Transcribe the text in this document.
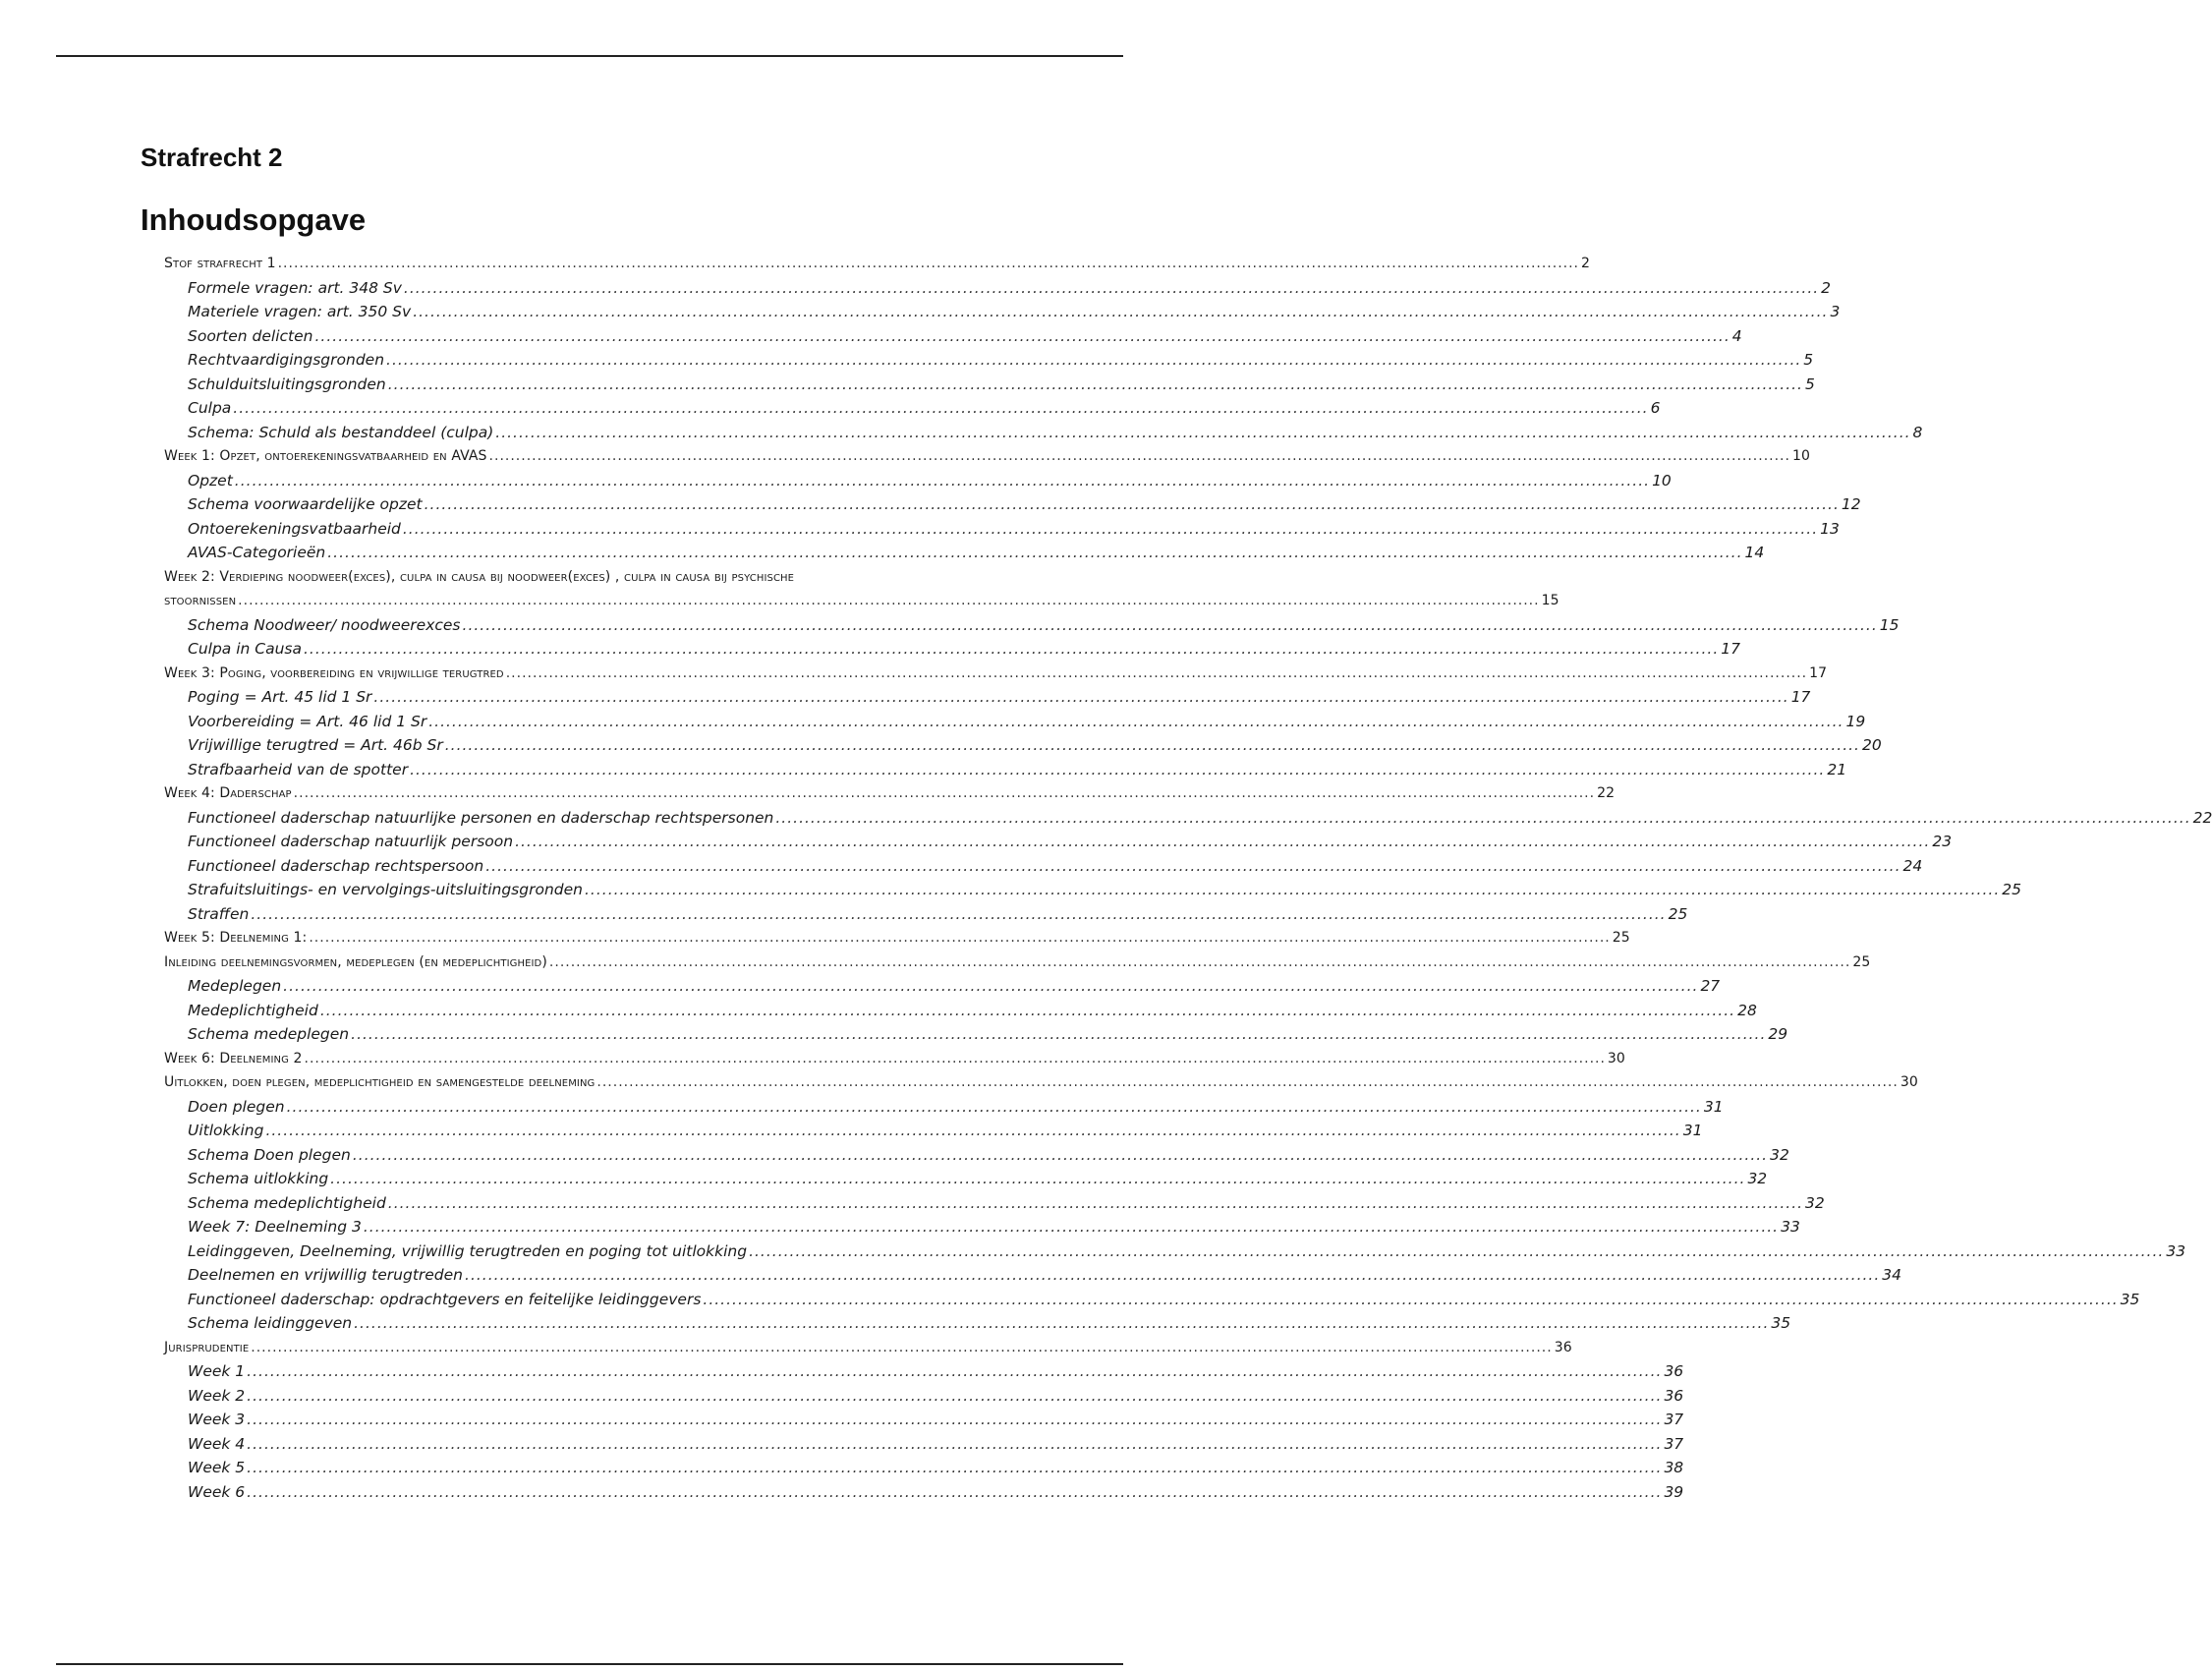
Strafrecht 2
Inhoudsopgave
Stof strafrecht 1 .....	2
Formele vragen: art. 348 Sv .....	2
Materiele vragen: art. 350 Sv .....	3
Soorten delicten .....	4
Rechtvaardigingsgronden .....	5
Schulduitsluitingsgronden .....	5
Culpa .....	6
Schema: Schuld als bestanddeel (culpa) .....	8
Week 1: Opzet, ontoerekeningsvatbaarheid en AVAS .....	10
Opzet .....	10
Schema voorwaardelijke opzet .....	12
Ontoerekeningsvatbaarheid .....	13
AVAS-Categorieën .....	14
Week 2: Verdieping noodweer(exces), culpa in causa bij noodweer(exces) , culpa in causa bij psychische
stoornissen .....	15
Schema Noodweer/ noodweerexces .....	15
Culpa in Causa .....	17
Week 3: Poging, voorbereiding en vrijwillige terugtred .....	17
Poging = Art. 45 lid 1 Sr .....	17
Voorbereiding = Art. 46 lid 1 Sr .....	19
Vrijwillige terugtred = Art. 46b Sr .....	20
Strafbaarheid van de spotter .....	21
Week 4: Daderschap .....	22
Functioneel daderschap natuurlijke personen en daderschap rechtspersonen .....	22
Functioneel daderschap natuurlijk persoon .....	23
Functioneel daderschap rechtspersoon .....	24
Strafuitsluitings- en vervolgings-uitsluitingsgronden .....	25
Straffen .....	25
Week 5: Deelneming 1: .....	25
Inleiding deelnemingsvormen, medeplegen (en medeplichtigheid) .....	25
Medeplegen .....	27
Medeplichtigheid .....	28
Schema medeplegen .....	29
Week 6: Deelneming 2 .....	30
Uitlokken, doen plegen, medeplichtigheid en samengestelde deelneming .....	30
Doen plegen .....	31
Uitlokking .....	31
Schema Doen plegen .....	32
Schema uitlokking .....	32
Schema medeplichtigheid .....	32
Week 7: Deelneming 3 .....	33
Leidinggeven, Deelneming, vrijwillig terugtreden en poging tot uitlokking .....	33
Deelnemen en vrijwillig terugtreden .....	34
Functioneel daderschap: opdrachtgevers en feitelijke leidinggevers .....	35
Schema leidinggeven .....	35
Jurisprudentie .....	36
Week 1 .....	36
Week 2 .....	36
Week 3 .....	37
Week 4 .....	37
Week 5 .....	38
Week 6 .....	39
